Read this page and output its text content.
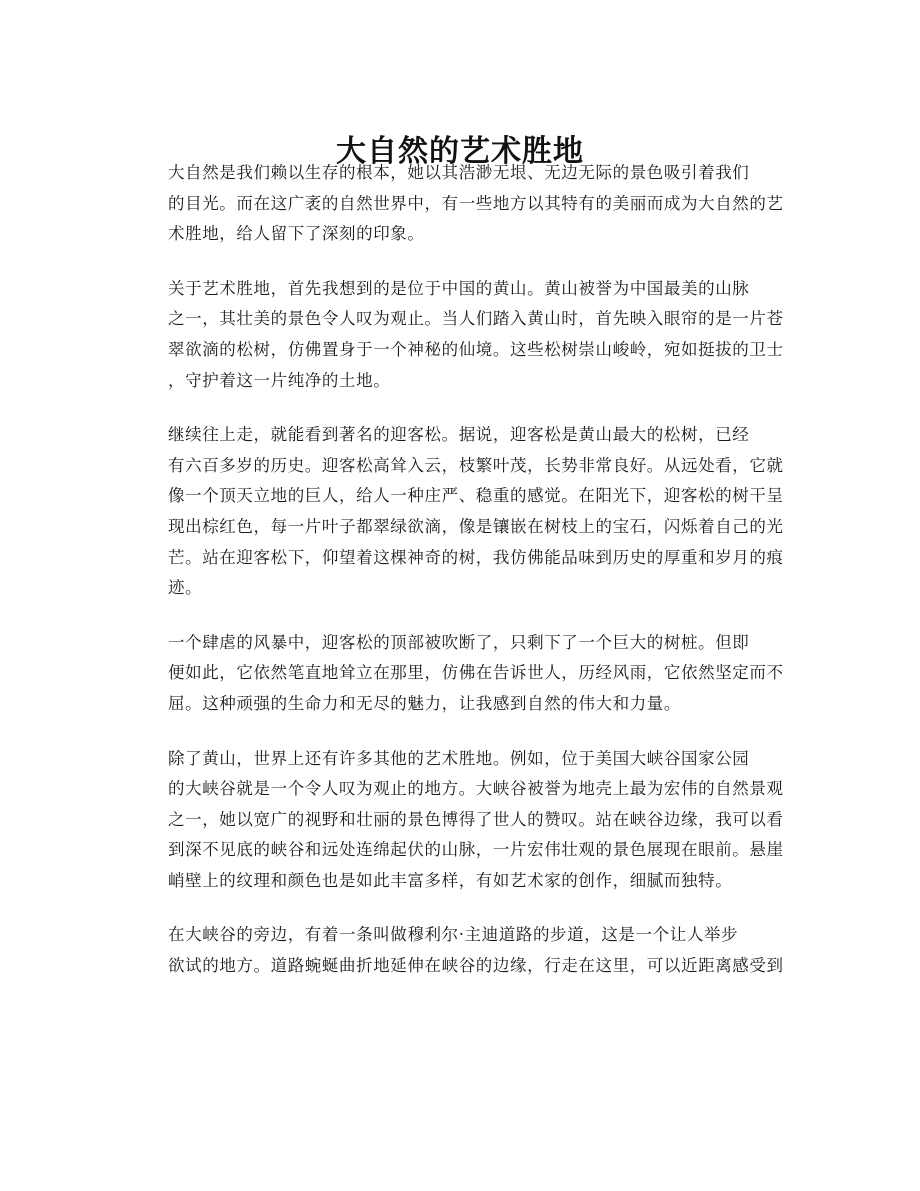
大自然的艺术胜地

大自然是我们赖以生存的根本，她以其浩渺无垠、无边无际的景色吸引着我们
的目光。而在这广袤的自然世界中，有一些地方以其特有的美丽而成为大自然的艺
术胜地，给人留下了深刻的印象。

关于艺术胜地，首先我想到的是位于中国的黄山。黄山被誉为中国最美的山脉
之一，其壮美的景色令人叹为观止。当人们踏入黄山时，首先映入眼帘的是一片苍
翠欲滴的松树，仿佛置身于一个神秘的仙境。这些松树崇山峻岭，宛如挺拔的卫士
，守护着这一片纯净的土地。

继续往上走，就能看到著名的迎客松。据说，迎客松是黄山最大的松树，已经
有六百多岁的历史。迎客松高耸入云，枝繁叶茂，长势非常良好。从远处看，它就
像一个顶天立地的巨人，给人一种庄严、稳重的感觉。在阳光下，迎客松的树干呈
现出棕红色，每一片叶子都翠绿欲滴，像是镶嵌在树枝上的宝石，闪烁着自己的光
芒。站在迎客松下，仰望着这棵神奇的树，我仿佛能品味到历史的厚重和岁月的痕
迹。

一个肆虐的风暴中，迎客松的顶部被吹断了，只剩下了一个巨大的树桩。但即
便如此，它依然笔直地耸立在那里，仿佛在告诉世人，历经风雨，它依然坚定而不
屈。这种顽强的生命力和无尽的魅力，让我感到自然的伟大和力量。

除了黄山，世界上还有许多其他的艺术胜地。例如，位于美国大峡谷国家公园
的大峡谷就是一个令人叹为观止的地方。大峡谷被誉为地壳上最为宏伟的自然景观
之一，她以宽广的视野和壮丽的景色博得了世人的赞叹。站在峡谷边缘，我可以看
到深不见底的峡谷和远处连绵起伏的山脉，一片宏伟壮观的景色展现在眼前。悬崖
峭壁上的纹理和颜色也是如此丰富多样，有如艺术家的创作，细腻而独特。

在大峡谷的旁边，有着一条叫做穆利尔·主迪道路的步道，这是一个让人举步
欲试的地方。道路蜿蜒曲折地延伸在峡谷的边缘，行走在这里，可以近距离感受到
